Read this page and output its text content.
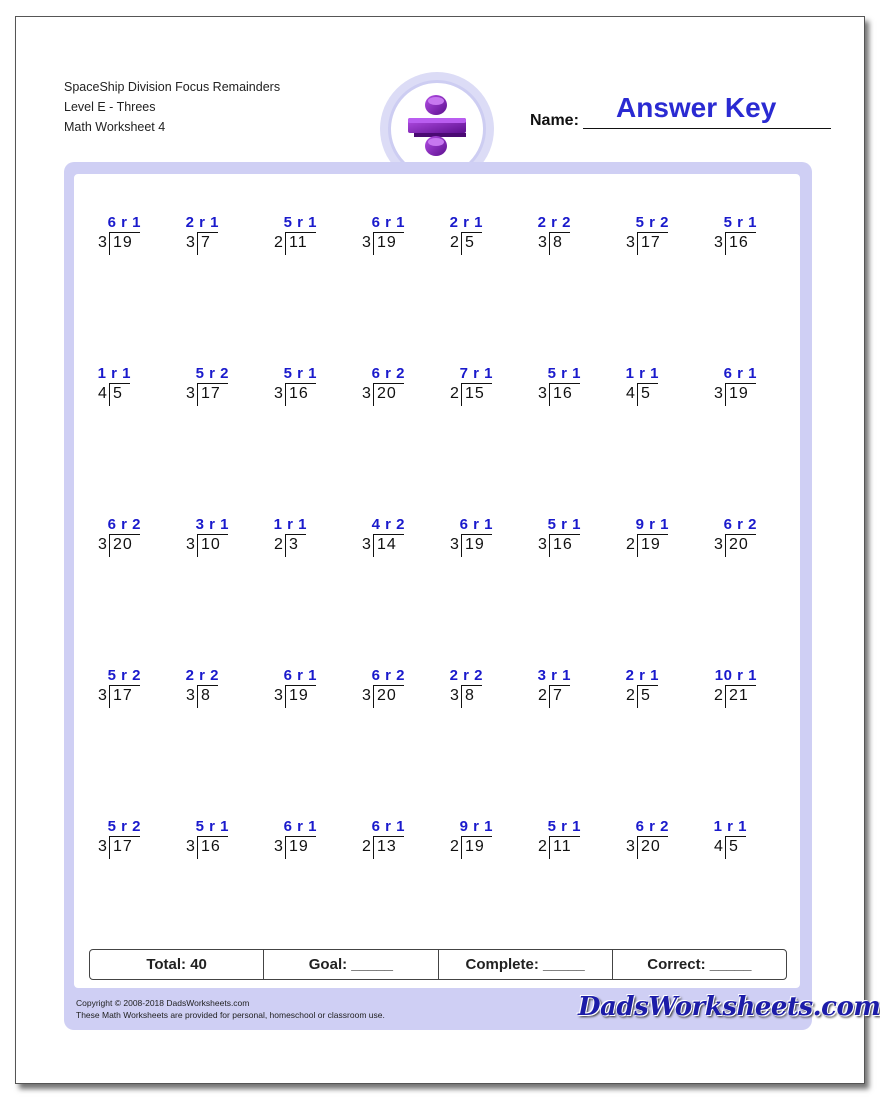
SpaceShip Division Focus Remainders
Level E - Threes
Math Worksheet 4	Name: Answer Key
3 19
6 r 1
3 7
2 r 1
2 11
5 r 1
3 19
6 r 1
2 5
2 r 1
3 8
2 r 2
3 17
5 r 2
3 16
5 r 1
4 5
1 r 1
3 17
5 r 2
3 16
5 r 1
3 20
6 r 2
2 15
7 r 1
3 16
5 r 1
4 5
1 r 1
3 19
6 r 1
3 20
6 r 2
3 10
3 r 1
2 3
1 r 1
3 14
4 r 2
3 19
6 r 1
3 16
5 r 1
2 19
9 r 1
3 20
6 r 2
3 17
5 r 2
3 8
2 r 2
3 19
6 r 1
3 20
6 r 2
3 8
2 r 2
2 7
3 r 1
2 5
2 r 1
2 21
10 r 1
3 17
5 r 2
3 16
5 r 1
3 19
6 r 1
2 13
6 r 1
2 19
9 r 1
2 11
5 r 1
3 20
6 r 2
4 5
1 r 1
Total: 40	Goal: _____	Complete: _____	Correct: _____
Copyright © 2008-2018 DadsWorksheets.com
These Math Worksheets are provided for personal, homeschool or classroom use.	DadsWorksheets.com
